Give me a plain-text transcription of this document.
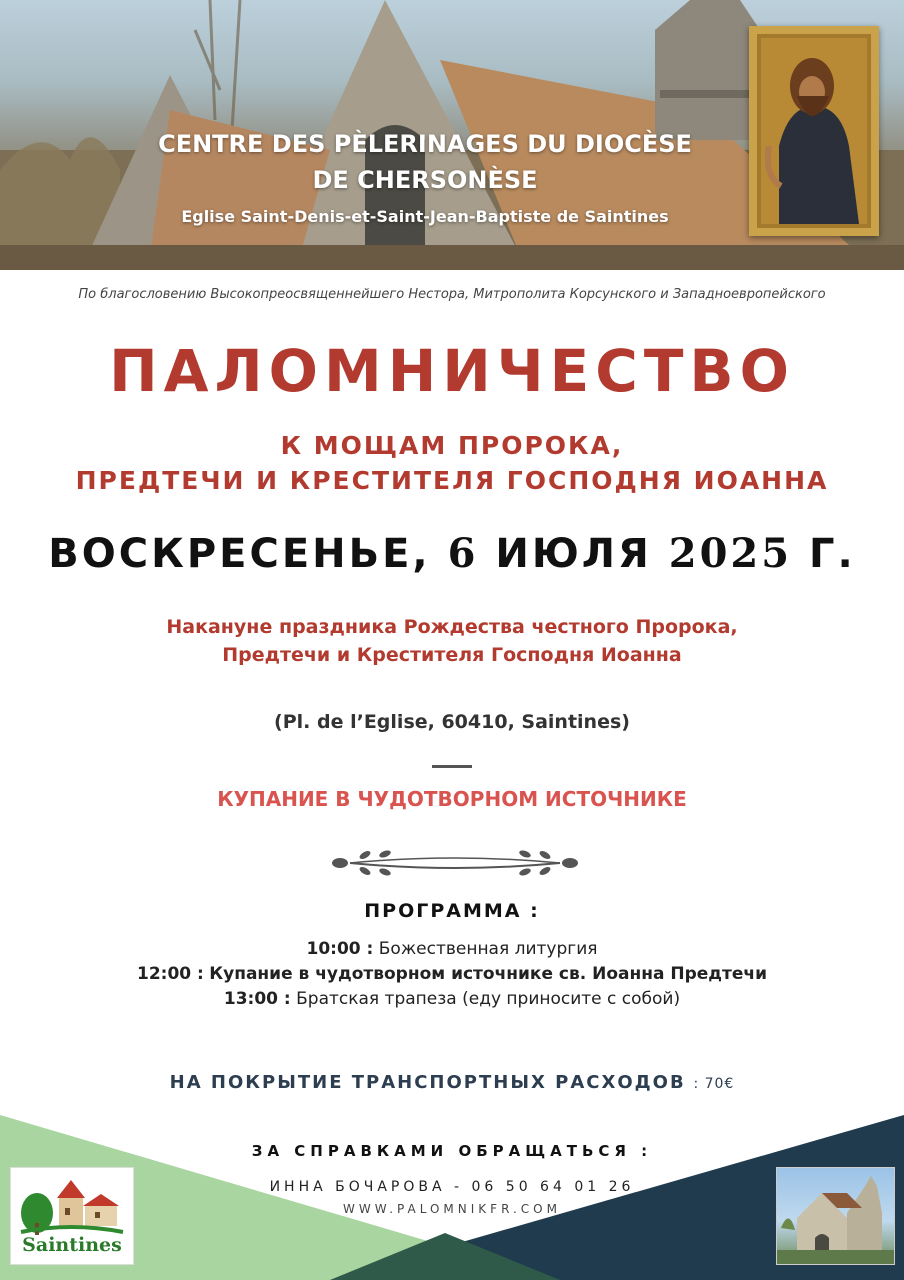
CENTRE DES PÈLERINAGES DU DIOCÈSE
DE CHERSONÈSE
Eglise Saint-Denis-et-Saint-Jean-Baptiste de Saintines
По благословению Высокопреосвященнейшего Нестора, Митрополита Корсунского и Западноевропейского
ПАЛОМНИЧЕСТВО
К МОЩАМ ПРОРОКА,
ПРЕДТЕЧИ И КРЕСТИТЕЛЯ ГОСПОДНЯ ИОАННА
ВОСКРЕСЕНЬЕ, 6 ИЮЛЯ 2025 Г.
Накануне праздника Рождества честного Пророка,
Предтечи и Крестителя Господня Иоанна
(Pl. de l’Eglise, 60410, Saintines)
КУПАНИЕ В ЧУДОТВОРНОМ ИСТОЧНИКЕ
ПРОГРАММА :
10:00 : Божественная литургия
12:00 : Купание в чудотворном источнике св. Иоанна Предтечи
13:00 : Братская трапеза (еду приносите с собой)
НА ПОКРЫТИЕ ТРАНСПОРТНЫХ РАСХОДОВ : 70€
ЗА СПРАВКАМИ ОБРАЩАТЬСЯ :
ИННА БОЧАРОВА - 06 50 64 01 26
WWW.PALOMNIKFR.COM
Saintines
